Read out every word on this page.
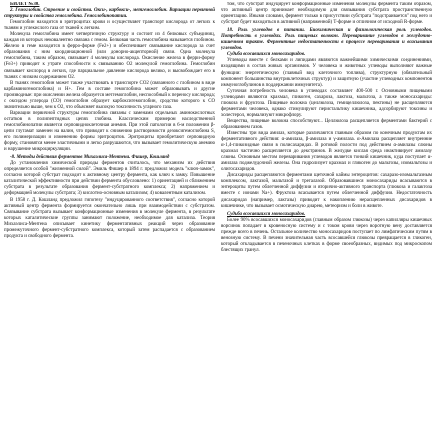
БИЛЕТ №30.

2. Гемоглобин. Строение и свойства. Окси-, карбокси-, метгемоглобин. Вариации первичной структуры и свойства гемоглобина. Гемоглобинопатии.

Гемоглобин находится в эритроцитах крови и осуществляет транспорт кислорода от легких к тканям и углекислого газа от тканей к легким.

Молекула гемоглобина имеет четвертичную структуру и состоит из 4 белковых субъединиц, каждая из которых нековалентно связана с гемом. Белковая часть гемоглобина называется глобином. Железо в геме находится в ферро-форме (Fe2+) и обеспечивает связывание кислорода за счет образования с ним координационной (или донорно-акцепторной) связи. Одна молекула гемоглобина, таким образом, связывает 4 молекулы кислорода. Окисление железа в ферри-форму (Fe3+) приводит к утрате способности к связыванию О2 молекулой гемоглобина. Гемоглобин связывает кислород в легких, где парциальное давление кислорода велико, и высвобождает его в тканях с низким содержанием О2.

В тканях гемоглобин может также участвовать в транспорте СО2 (связанного с глобином в виде карбаминогемоглобина) и Н+. Гем в составе гемоглобина может образовывать и другие производные: при окислении железа образуется метгемоглобин, неспособный к переносу кислорода; с оксидом углерода (СО) гемоглобин образует карбоксигемоглобин, сродство которого к СО значительно выше, чем к О2, что объясняет высокую токсичность угарного газа.

Вариации первичной структуры гемоглобина связаны с заменами отдельных аминокислотных остатков в полипептидных цепях глобина. Классическим примером наследственной гемоглобинопатии является серповидноклеточная анемия. При этой патологии в 6-м положении β-цепи глутамат заменен на валин, что приводит к снижению растворимости дезоксигемоглобина S, его полимеризации и изменению формы эритроцитов. Эритроциты приобретают серповидную форму, становятся менее эластичными и легко разрушаются, что вызывает гемолитическую анемию и нарушение микроциркуляции.

-8. Методы действия ферментов Михаэлиса-Ментена. Фишер, Кошланд

До установления химической природы ферментов считалось, что механизм их действия определяется особой "жизненной силой". Эмиль Фишер в 1894 г. предложил модель "ключ-замок", согласно которой субстрат подходит к активному центру фермента, как ключ к замку. Повышение каталитической эффективности при действии фермента обусловлено: 1) ориентацией и сближением субстрата в результате образования фермент-субстратного комплекса; 2) напряжением и деформацией молекулы субстрата; 3) кислотно-основным катализом; 4) ковалентным катализом.

В 1958 г. Д. Кошланд предложил гипотезу "индуцированного соответствия", согласно которой активный центр фермента формируется окончательно лишь при взаимодействии с субстратом. Связывание субстрата вызывает конформационные изменения в молекуле фермента, в результате которых каталитические группы занимают положение, необходимое для катализа. Теория Михаэлиса-Ментена описывает кинетику ферментативных реакций через образование промежуточного фермент-субстратного комплекса, который затем распадается с образованием продукта и свободного фермента.

том, что субстрат индуцирует конформационные изменения молекулы фермента таким образом, что активный центр принимает необходимую для связывания субстрата пространственную ориентацию. Иными словами, фермент только в присутствии субстрата "подстраивается" под него и субстрат будет находиться в активной (напряженной) Т-форме и отличном от исходной R-форме.

18. Роль углеводов в питании. Биохимическая и физиологическая роль углеводов. Потребность в углеводах. Роль пищевых волокон. Переваривание углеводов в желудочно-кишечном тракте. Ферментные недостаточности в процессе переваривания и всасывания углеводов.

Судьба всосавшихся моносахаридов.

Углеводы вместе с белками и липидами являются важнейшими химическими соединениями, входящими в состав живых организмов. У человека и животных углеводы выполняют важные функции: энергетическую (главный вид клеточного топлива), структурную (обязательный компонент большинства внутриклеточных структур) и защитную (участие углеводных компонентов иммуноглобулинов в поддержании иммунитета).

Суточная потребность человека в углеводах составляет 400-500 г. Основными пищевыми углеводами являются крахмал, гликоген, сахароза, лактоза, мальтоза, а также моносахариды: глюкоза и фруктоза. Пищевые волокна (целлюлоза, гемицеллюлоза, пектины) не расщепляются ферментами человека, однако стимулируют перистальтику кишечника, адсорбируют токсины и холестерол, нормализуют микрофлору.

Вещества, пищевые волокна способствуют... Целлюлоза расщепляется ферментами бактерий с образованием газов.

Известны три вида амилаз, которые различаются главным образом по конечным продуктам их ферментативного действия: α-амилаза, β-амилаза и γ-амилаза. α-Амилаза расщепляет внутренние α-1,4-гликозидные связи в полисахаридах. В ротовой полости под действием α-амилазы слюны крахмал частично расщепляется до декстринов. В желудке кислая среда инактивирует амилазу слюны. Основным местом переваривания углеводов является тонкий кишечник, куда поступает α-амилаза поджелудочной железы. Она гидролизует крахмал и гликоген до мальтозы, изомальтозы и олигосахаридов.

Дисахариды расщепляются ферментами щеточной каймы энтероцитов: сахаразо-изомальтазным комплексом, лактазой, мальтазой и трегалазой. Образовавшиеся моносахариды всасываются в энтероциты путем облегченной диффузии и вторично-активного транспорта (глюкоза и галактоза вместе с ионами Na+). Фруктоза всасывается путем облегченной диффузии. Недостаточность дисахаридаз (например, лактазы) приводит к накоплению нерасщепленных дисахаридов в кишечнике, что вызывает осмотическую диарею, метеоризм и боли в животе.

Судьба всосавшихся моносахаридов.

Более 90% всосавшихся моносахаридов (главным образом глюкозы) через капилляры кишечных ворсинок попадает в кровеносную систему и с током крови через воротную вену доставляется прежде всего в печень. Остальное количество моносахаридов поступает по лимфатическим путям в венозную систему. В печени значительная часть всосавшейся глюкозы превращается в гликоген, который откладывается в печеночных клетках в форме своеобразных, видимых под микроскопом блестящих гранул.
